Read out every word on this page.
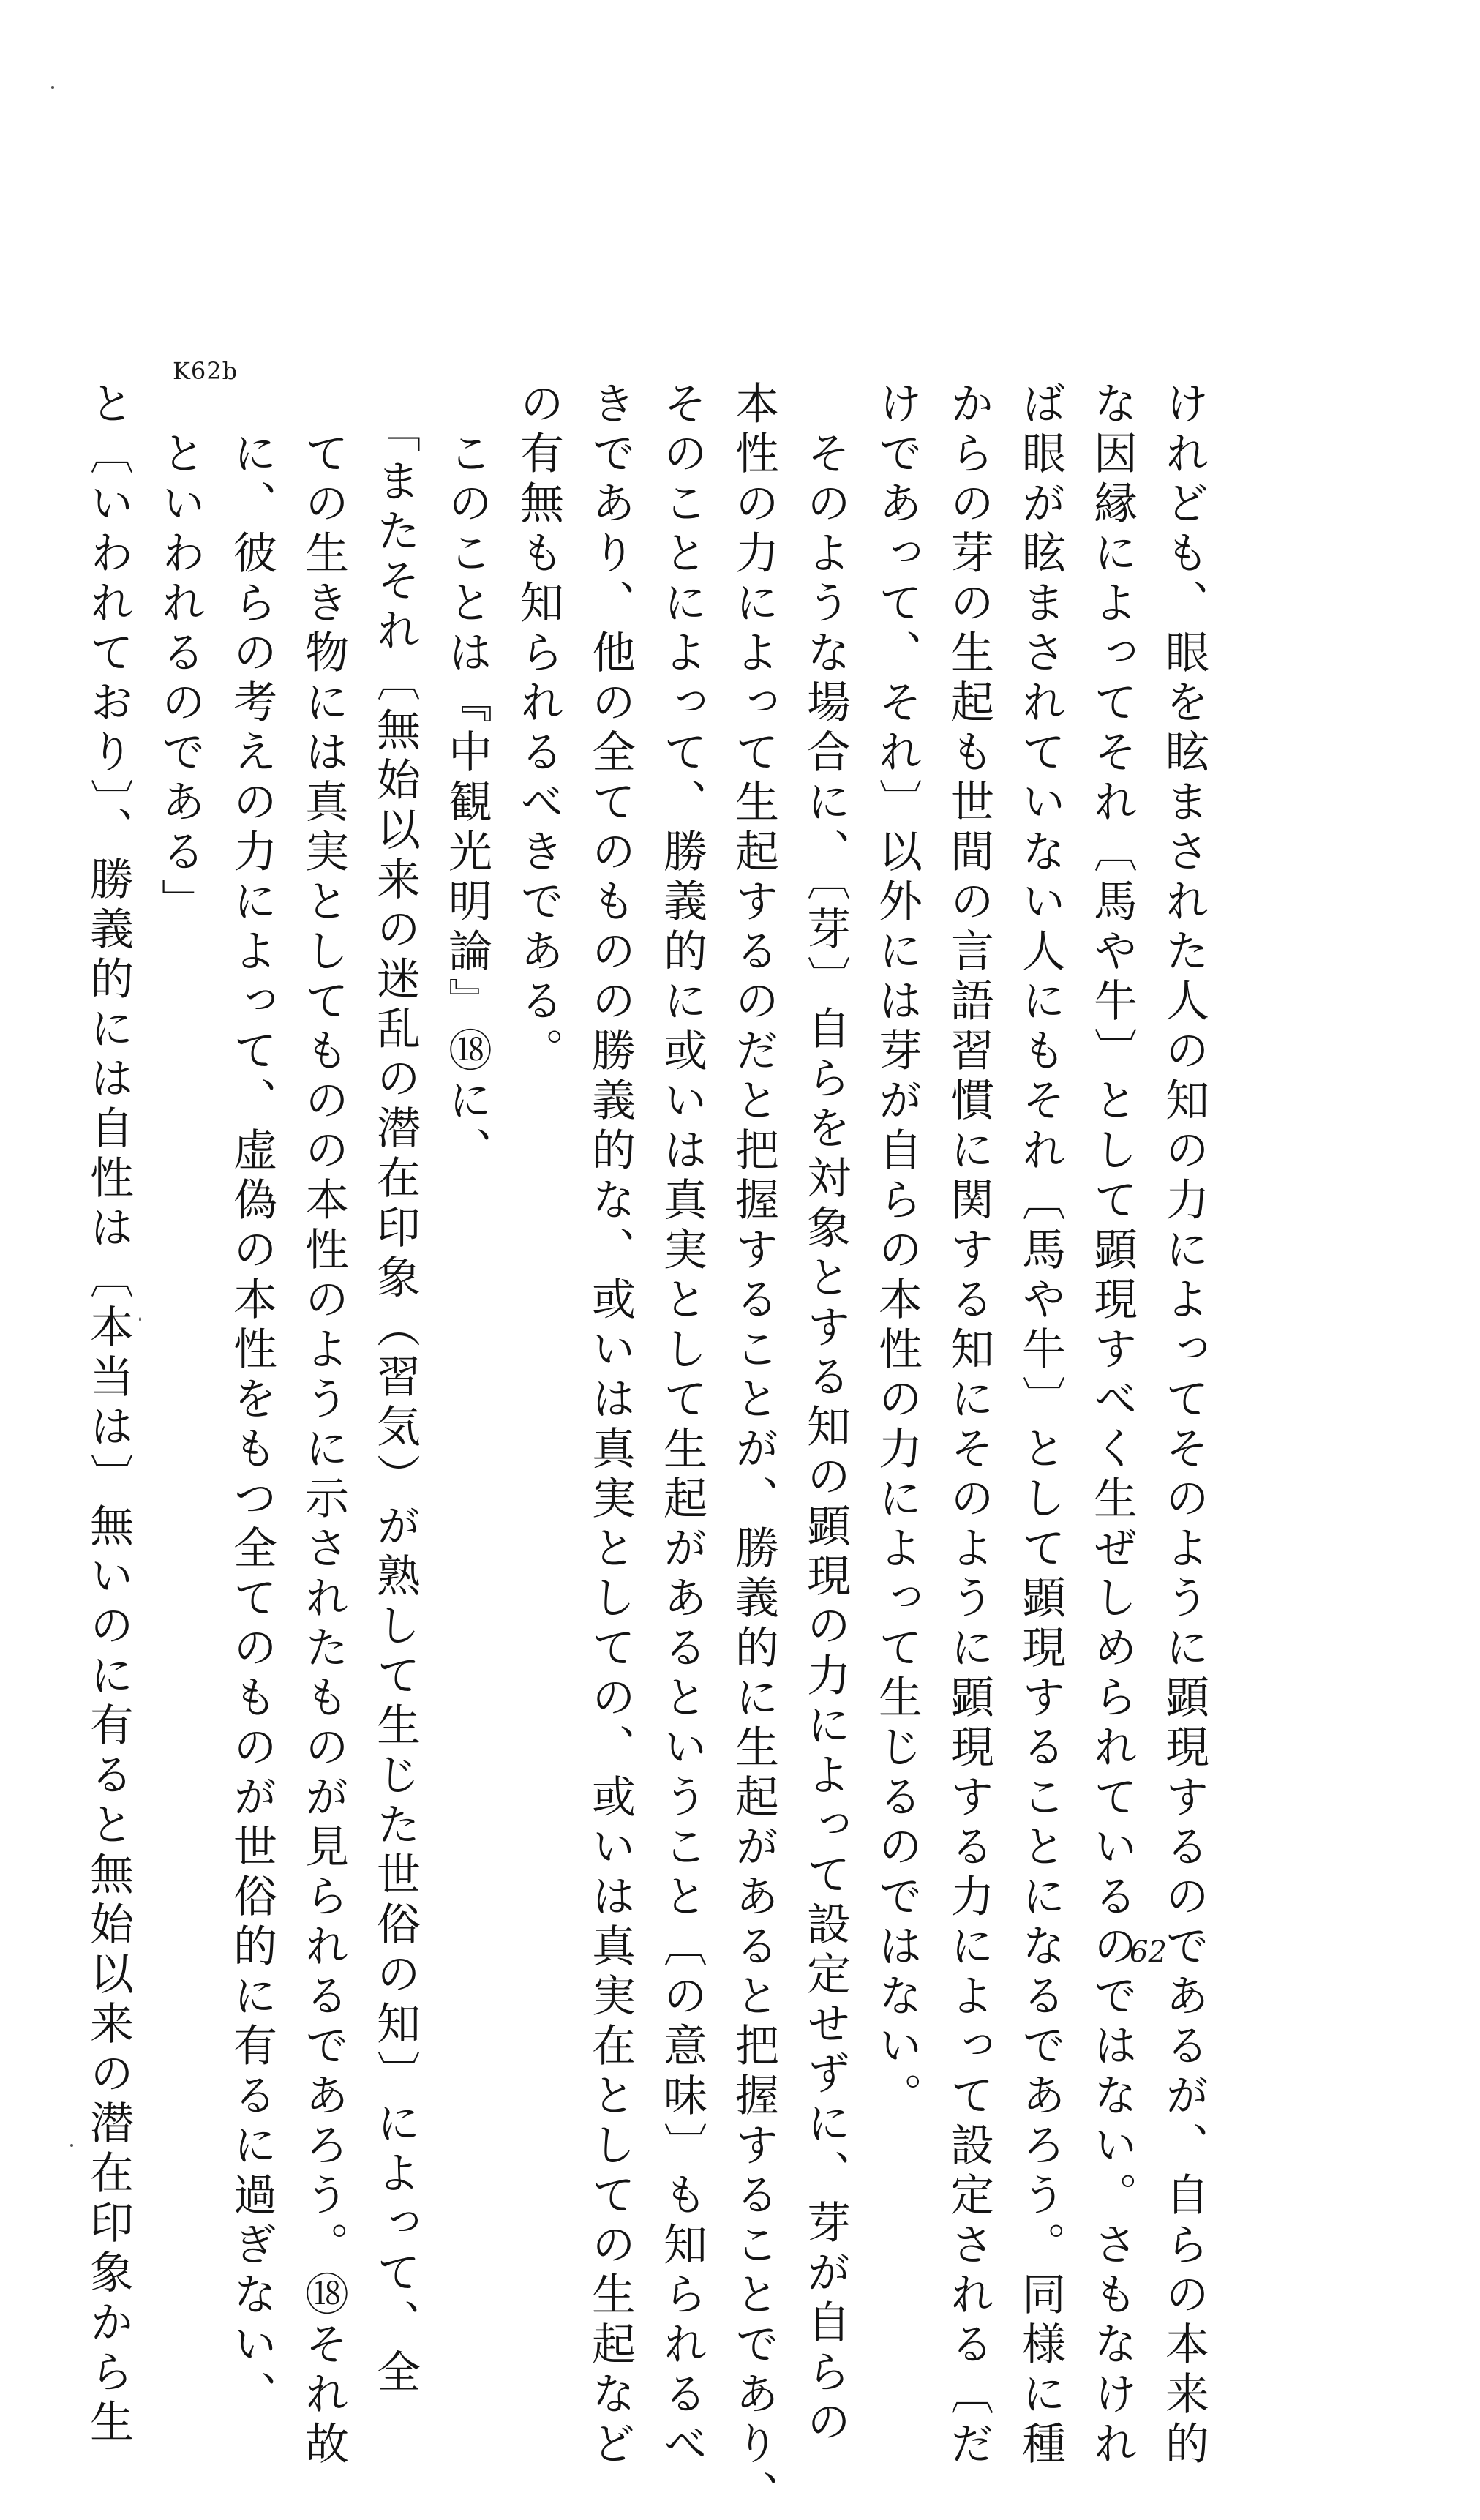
K62b
けれども、眼を眩まされた人の知の力によってそのように顕現するのであるが、自らの本来的
な因縁によってそれ〔馬や牛〕として顕現すべく生ぜしめられているのではない。さもなけれ
ば眼が眩まされていない人にもそれ〔馬や牛〕として顕現することになるであろう。同様に種
からの芽の生起も世間の言語習慣に関する知にそのように顕現する力によって設定される〔だ
けであって、それ〕以外には芽が自らの本性の力によって生じるのではない。
　そのような場合に、〔芽〕自らを対象とする知の顕現の力によって設定せずに、芽が自らの
本性の力によって生起するのだと把握することが、勝義的に生起があると把握することであり、
そのことによって、勝義的に或いは真実として生起があるということ〔の意味〕も知られるべ
きであり、他の全てのものの勝義的な、或いは真実としての、或いは真実在としての生起など
の有無も知られるべきである。
　このことは『中観光明論』⑱に、
　「またそれ〔無始以来の迷乱の潜在印象（習気）が熟して生じた世俗の知〕によって、全
　ての生き物には真実としてものの本性のように示されたものが見られるであろう。⑱それ故
　に、彼らの考えの力によって、虚偽の本性をもつ全てのものが世俗的に有るに過ぎない、
　といわれるのである」
と〔いわれており〕、勝義的には自性は〔本当は〕無いのに有ると無始以来の潜在印象から生	62
